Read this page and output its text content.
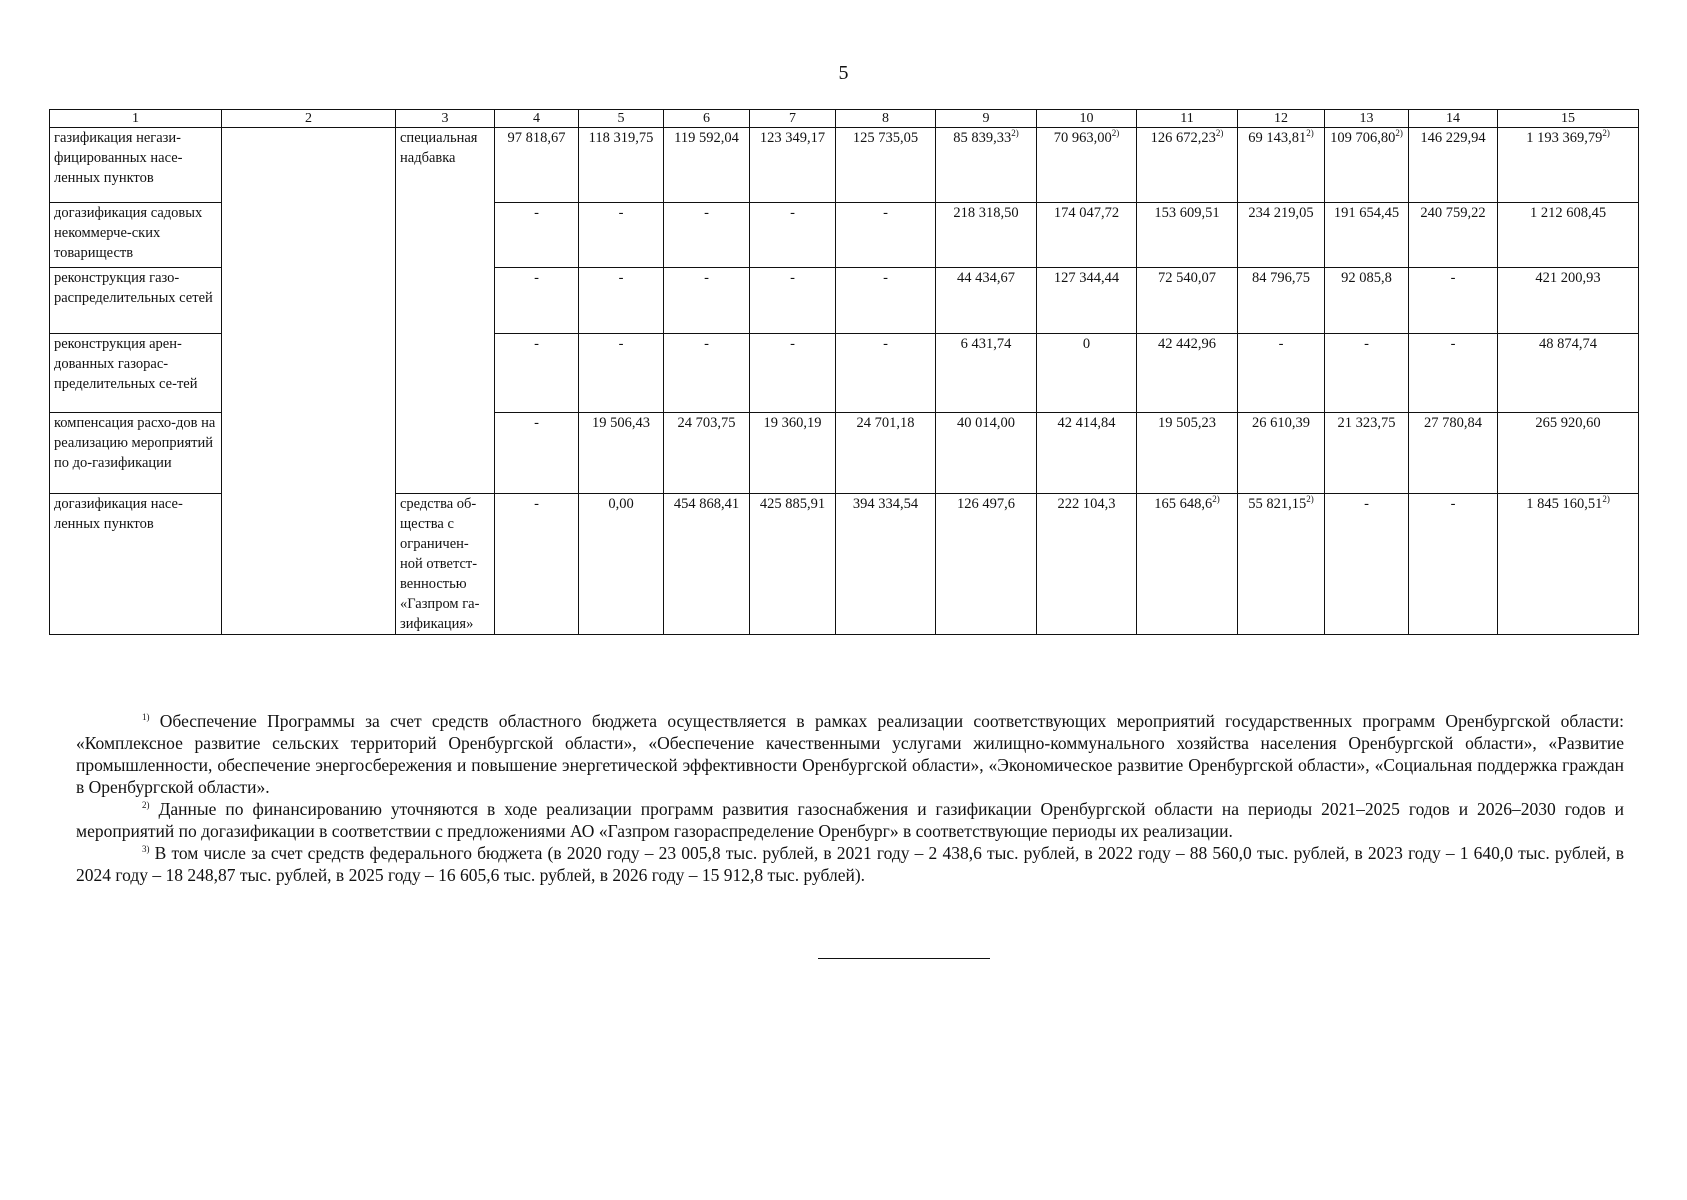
5
1	2	3	4	5	6	7	8	9	10	11	12	13	14	15
газификация негази-фицированных насе-ленных пунктов		специальная надбавка	97 818,67	118 319,75	119 592,04	123 349,17	125 735,05	85 839,33$^{2)}$	70 963,00$^{2)}$	126 672,23$^{2)}$	69 143,81$^{2)}$	109 706,80$^{2)}$	146 229,94	1 193 369,79$^{2)}$
догазификация садовых некоммерче-ских товариществ			-	-	-	-	-	218 318,50	174 047,72	153 609,51	234 219,05	191 654,45	240 759,22	1 212 608,45
реконструкция газо-распределительных сетей			-	-	-	-	-	44 434,67	127 344,44	72 540,07	84 796,75	92 085,8	-	421 200,93
реконструкция арен-дованных газорас-пределительных се-тей			-	-	-	-	-	6 431,74	0	42 442,96	-	-	-	48 874,74
компенсация расхо-дов на реализацию мероприятий по до-газификации			-	19 506,43	24 703,75	19 360,19	24 701,18	40 014,00	42 414,84	19 505,23	26 610,39	21 323,75	27 780,84	265 920,60
догазификация насе-ленных пунктов		средства об-щества с ограничен-ной ответст-венностью «Газпром га-зификация»	-	0,00	454 868,41	425 885,91	394 334,54	126 497,6	222 104,3	165 648,6$^{2)}$	55 821,15$^{2)}$	-	-	1 845 160,51$^{2)}$

$^{1)}$ Обеспечение Программы за счет средств областного бюджета осуществляется в рамках реализации соответствующих мероприятий государственных программ Оренбургской области: «Комплексное развитие сельских территорий Оренбургской области», «Обеспечение качественными услугами жилищно-коммунального хозяйства населения Оренбургской области», «Развитие промышленности, обеспечение энергосбережения и повышение энергетической эффективности Оренбургской области», «Экономическое развитие Оренбургской области», «Социальная поддержка граждан в Оренбургской области».

$^{2)}$ Данные по финансированию уточняются в ходе реализации программ развития газоснабжения и газификации Оренбургской области на периоды 2021–2025 годов и 2026–2030 годов и мероприятий по догазификации в соответствии с предложениями АО «Газпром газораспределение Оренбург» в соответствующие периоды их реализации.

$^{3)}$ В том числе за счет средств федерального бюджета (в 2020 году – 23 005,8 тыс. рублей, в 2021 году – 2 438,6 тыс. рублей, в 2022 году – 88 560,0 тыс. рублей, в 2023 году – 1 640,0 тыс. рублей, в 2024 году – 18 248,87 тыс. рублей, в 2025 году – 16 605,6 тыс. рублей, в 2026 году – 15 912,8 тыс. рублей).
